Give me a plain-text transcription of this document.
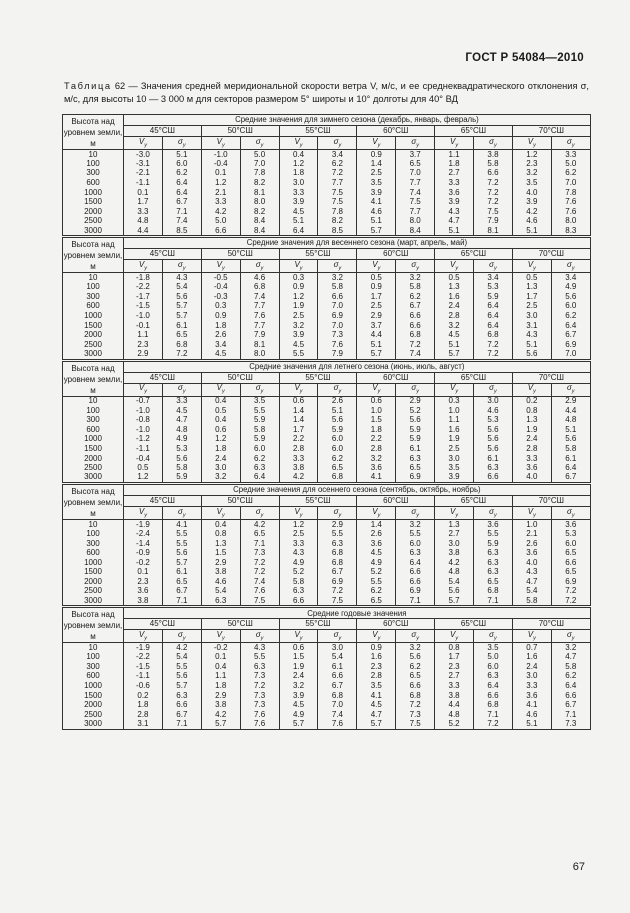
ГОСТ Р 54084—2010
Таблица 62 — Значения средней меридиональной скорости ветра V, м/с, и ее среднеквадратического отклонения σ, м/с, для высоты 10 — 3 000 м для секторов размером 5° широты и 10° долготы для 40° ВД
Высота над уровнем земли, м	Средние значения для зимнего сезона (декабрь, январь, февраль)											
	45°СШ		50°СШ		55°СШ		60°СШ		65°СШ		70°СШ	
	$V_y$	$\sigma_y$	$V_y$	$\sigma_y$	$V_y$	$\sigma_y$	$V_y$	$\sigma_y$	$V_y$	$\sigma_y$	$V_y$	$\sigma_y$
10	-3.0	5.1	-1.0	5.0	0.4	3.4	0.9	3.7	1.1	3.8	1.2	3.3
100	-3.1	6.0	-0.4	7.0	1.2	6.2	1.4	6.5	1.8	5.8	2.3	5.0
300	-2.1	6.2	0.1	7.8	1.8	7.2	2.5	7.0	2.7	6.6	3.2	6.2
600	-1.1	6.4	1.2	8.2	3.0	7.7	3.5	7.7	3.3	7.2	3.5	7.0
1000	0.1	6.4	2.1	8.1	3.3	7.5	3.9	7.4	3.6	7.2	4.0	7.8
1500	1.7	6.7	3.3	8.0	3.9	7.5	4.1	7.5	3.9	7.2	3.9	7.6
2000	3.3	7.1	4.2	8.2	4.5	7.8	4.6	7.7	4.3	7.5	4.2	7.6
2500	4.8	7.4	5.0	8.4	5.1	8.2	5.1	8.0	4.7	7.9	4.6	8.0
3000	4.4	8.5	6.6	8.4	6.4	8.5	5.7	8.4	5.1	8.1	5.1	8.3
Высота над уровнем земли, м	Средние значения для весеннего сезона (март, апрель, май)											
	45°СШ		50°СШ		55°СШ		60°СШ		65°СШ		70°СШ	
	$V_y$	$\sigma_y$	$V_y$	$\sigma_y$	$V_y$	$\sigma_y$	$V_y$	$\sigma_y$	$V_y$	$\sigma_y$	$V_y$	$\sigma_y$
10	-1.8	4.3	-0.5	4.6	0.3	3.2	0.5	3.2	0.5	3.4	0.5	3.4
100	-2.2	5.4	-0.4	6.8	0.9	5.8	0.9	5.8	1.3	5.3	1.3	4.9
300	-1.7	5.6	-0.3	7.4	1.2	6.6	1.7	6.2	1.6	5.9	1.7	5.6
600	-1.5	5.7	0.3	7.7	1.9	7.0	2.5	6.7	2.4	6.4	2.5	6.0
1000	-1.0	5.7	0.9	7.6	2.5	6.9	2.9	6.6	2.8	6.4	3.0	6.2
1500	-0.1	6.1	1.8	7.7	3.2	7.0	3.7	6.6	3.2	6.4	3.1	6.4
2000	1.1	6.5	2.6	7.9	3.9	7.3	4.4	6.8	4.5	6.8	4.3	6.7
2500	2.3	6.8	3.4	8.1	4.5	7.6	5.1	7.2	5.1	7.2	5.1	6.9
3000	2.9	7.2	4.5	8.0	5.5	7.9	5.7	7.4	5.7	7.2	5.6	7.0
Высота над уровнем земли, м	Средние значения для летнего сезона (июнь, июль, август)											
	45°СШ		50°СШ		55°СШ		60°СШ		65°СШ		70°СШ	
	$V_y$	$\sigma_y$	$V_y$	$\sigma_y$	$V_y$	$\sigma_y$	$V_y$	$\sigma_y$	$V_y$	$\sigma_y$	$V_y$	$\sigma_y$
10	-0.7	3.3	0.4	3.5	0.6	2.6	0.6	2.9	0.3	3.0	0.2	2.9
100	-1.0	4.5	0.5	5.5	1.4	5.1	1.0	5.2	1.0	4.6	0.8	4.4
300	-0.8	4.7	0.4	5.9	1.4	5.6	1.5	5.6	1.1	5.3	1.3	4.8
600	-1.0	4.8	0.6	5.8	1.7	5.9	1.8	5.9	1.6	5.6	1.9	5.1
1000	-1.2	4.9	1.2	5.9	2.2	6.0	2.2	5.9	1.9	5.6	2.4	5.6
1500	-1.1	5.3	1.8	6.0	2.8	6.0	2.8	6.1	2.5	5.6	2.8	5.8
2000	-0.4	5.6	2.4	6.2	3.3	6.2	3.2	6.3	3.0	6.1	3.3	6.1
2500	0.5	5.8	3.0	6.3	3.8	6.5	3.6	6.5	3.5	6.3	3.6	6.4
3000	1.2	5.9	3.2	6.4	4.2	6.8	4.1	6.9	3.9	6.6	4.0	6.7
Высота над уровнем земли, м	Средние значения для осеннего сезона (сентябрь, октябрь, ноябрь)											
	45°СШ		50°СШ		55°СШ		60°СШ		65°СШ		70°СШ	
	$V_y$	$\sigma_y$	$V_y$	$\sigma_y$	$V_y$	$\sigma_y$	$V_y$	$\sigma_y$	$V_y$	$\sigma_y$	$V_y$	$\sigma_y$
10	-1.9	4.1	0.4	4.2	1.2	2.9	1.4	3.2	1.3	3.6	1.0	3.6
100	-2.4	5.5	0.8	6.5	2.5	5.5	2.6	5.5	2.7	5.5	2.1	5.3
300	-1.4	5.5	1.3	7.1	3.3	6.3	3.6	6.0	3.0	5.9	2.6	6.0
600	-0.9	5.6	1.5	7.3	4.3	6.8	4.5	6.3	3.8	6.3	3.6	6.5
1000	-0.2	5.7	2.9	7.2	4.9	6.8	4.9	6.4	4.2	6.3	4.0	6.6
1500	0.1	6.1	3.8	7.2	5.2	6.7	5.2	6.6	4.8	6.3	4.3	6.5
2000	2.3	6.5	4.6	7.4	5.8	6.9	5.5	6.6	5.4	6.5	4.7	6.9
2500	3.6	6.7	5.4	7.6	6.3	7.2	6.2	6.9	5.6	6.8	5.4	7.2
3000	3.8	7.1	6.3	7.5	6.6	7.5	6.5	7.1	5.7	7.1	5.8	7.2
Высота над уровнем земли, м	Средние годовые значения											
	45°СШ		50°СШ		55°СШ		60°СШ		65°СШ		70°СШ	
	$V_y$	$\sigma_y$	$V_y$	$\sigma_y$	$V_y$	$\sigma_y$	$V_y$	$\sigma_y$	$V_y$	$\sigma_y$	$V_y$	$\sigma_y$
10	-1.9	4.2	-0.2	4.3	0.6	3.0	0.9	3.2	0.8	3.5	0.7	3.2
100	-2.2	5.4	0.1	5.5	1.5	5.4	1.6	5.6	1.7	5.0	1.6	4.7
300	-1.5	5.5	0.4	6.3	1.9	6.1	2.3	6.2	2.3	6.0	2.4	5.8
600	-1.1	5.6	1.1	7.3	2.4	6.6	2.8	6.5	2.7	6.3	3.0	6.2
1000	-0.6	5.7	1.8	7.2	3.2	6.7	3.5	6.6	3.3	6.4	3.3	6.4
1500	0.2	6.3	2.9	7.3	3.9	6.8	4.1	6.8	3.8	6.6	3.6	6.6
2000	1.8	6.6	3.8	7.3	4.5	7.0	4.5	7.2	4.4	6.8	4.1	6.7
2500	2.8	6.7	4.2	7.6	4.9	7.4	4.7	7.3	4.8	7.1	4.6	7.1
3000	3.1	7.1	5.7	7.6	5.7	7.6	5.7	7.5	5.2	7.2	5.1	7.3
67
